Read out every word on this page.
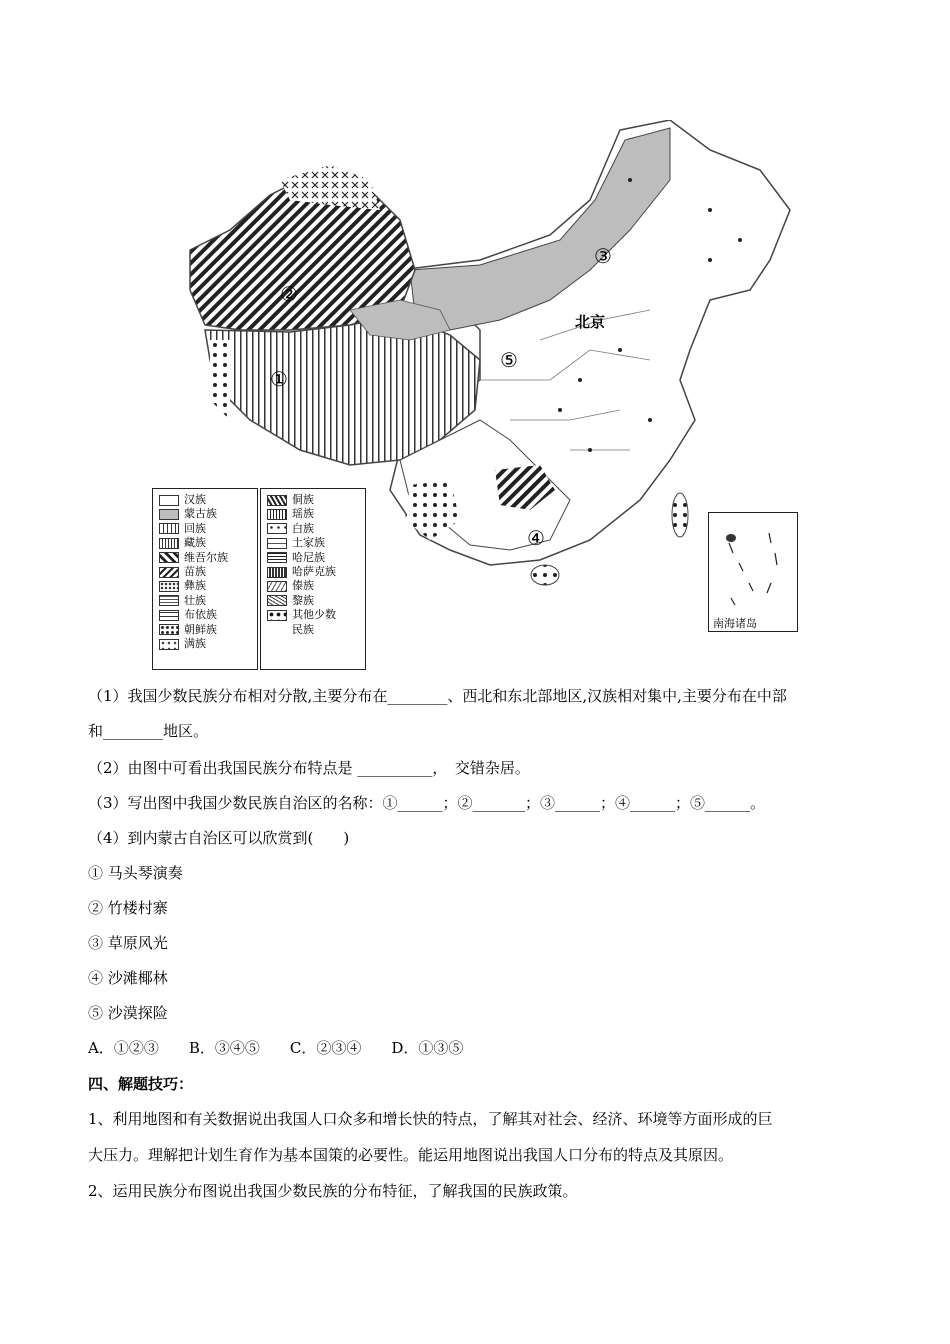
①
②
③
④
⑤
北京
南海诸岛
汉族
蒙古族
回族
藏族
维吾尔族
苗族
彝族
壮族
布依族
朝鲜族
满族
侗族
瑶族
白族
土家族
哈尼族
哈萨克族
傣族
黎族
其他少数
民族
（1）我国少数民族分布相对分散,主要分布在________、西北和东北部地区,汉族相对集中,主要分布在中部
和________地区。
（2）由图中可看出我国民族分布特点是 __________，　交错杂居。
（3）写出图中我国少数民族自治区的名称：①______；②_______；③______；④______；⑤______。
（4）到内蒙古自治区可以欣赏到(　　)
① 马头琴演奏
② 竹楼村寨
③ 草原风光
④ 沙滩椰林
⑤ 沙漠探险
A．①②③　　B．③④⑤　　C．②③④　　D．①③⑤
四、解题技巧：
1、利用地图和有关数据说出我国人口众多和增长快的特点，了解其对社会、经济、环境等方面形成的巨
大压力。理解把计划生育作为基本国策的必要性。能运用地图说出我国人口分布的特点及其原因。
2、运用民族分布图说出我国少数民族的分布特征，了解我国的民族政策。
